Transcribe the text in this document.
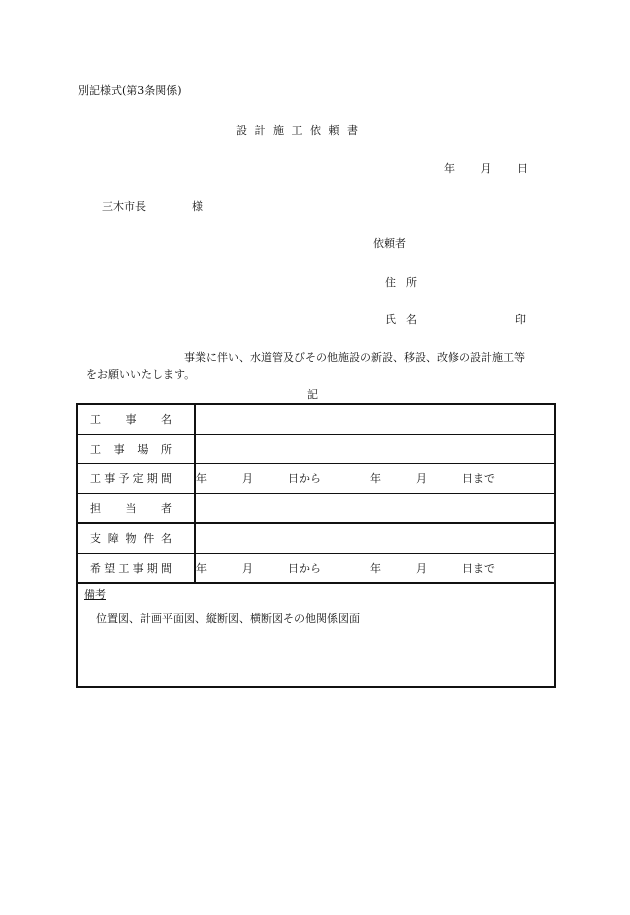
別記様式(第3条関係)
設計施工依頼書
年 月 日
三木市長	様
依頼者
住所
氏名	印
事業に伴い、水道管及びその他施設の新設、移設、改修の設計施工等
をお願いいたします。
記
工事名	

工事場所	

工事予定期間	年 月 日から 年 月 日まで

担当者	

支障物件名	

希望工事期間	年 月 日から 年 月 日まで

備考
位置図、計画平面図、縦断図、横断図その他関係図面	
